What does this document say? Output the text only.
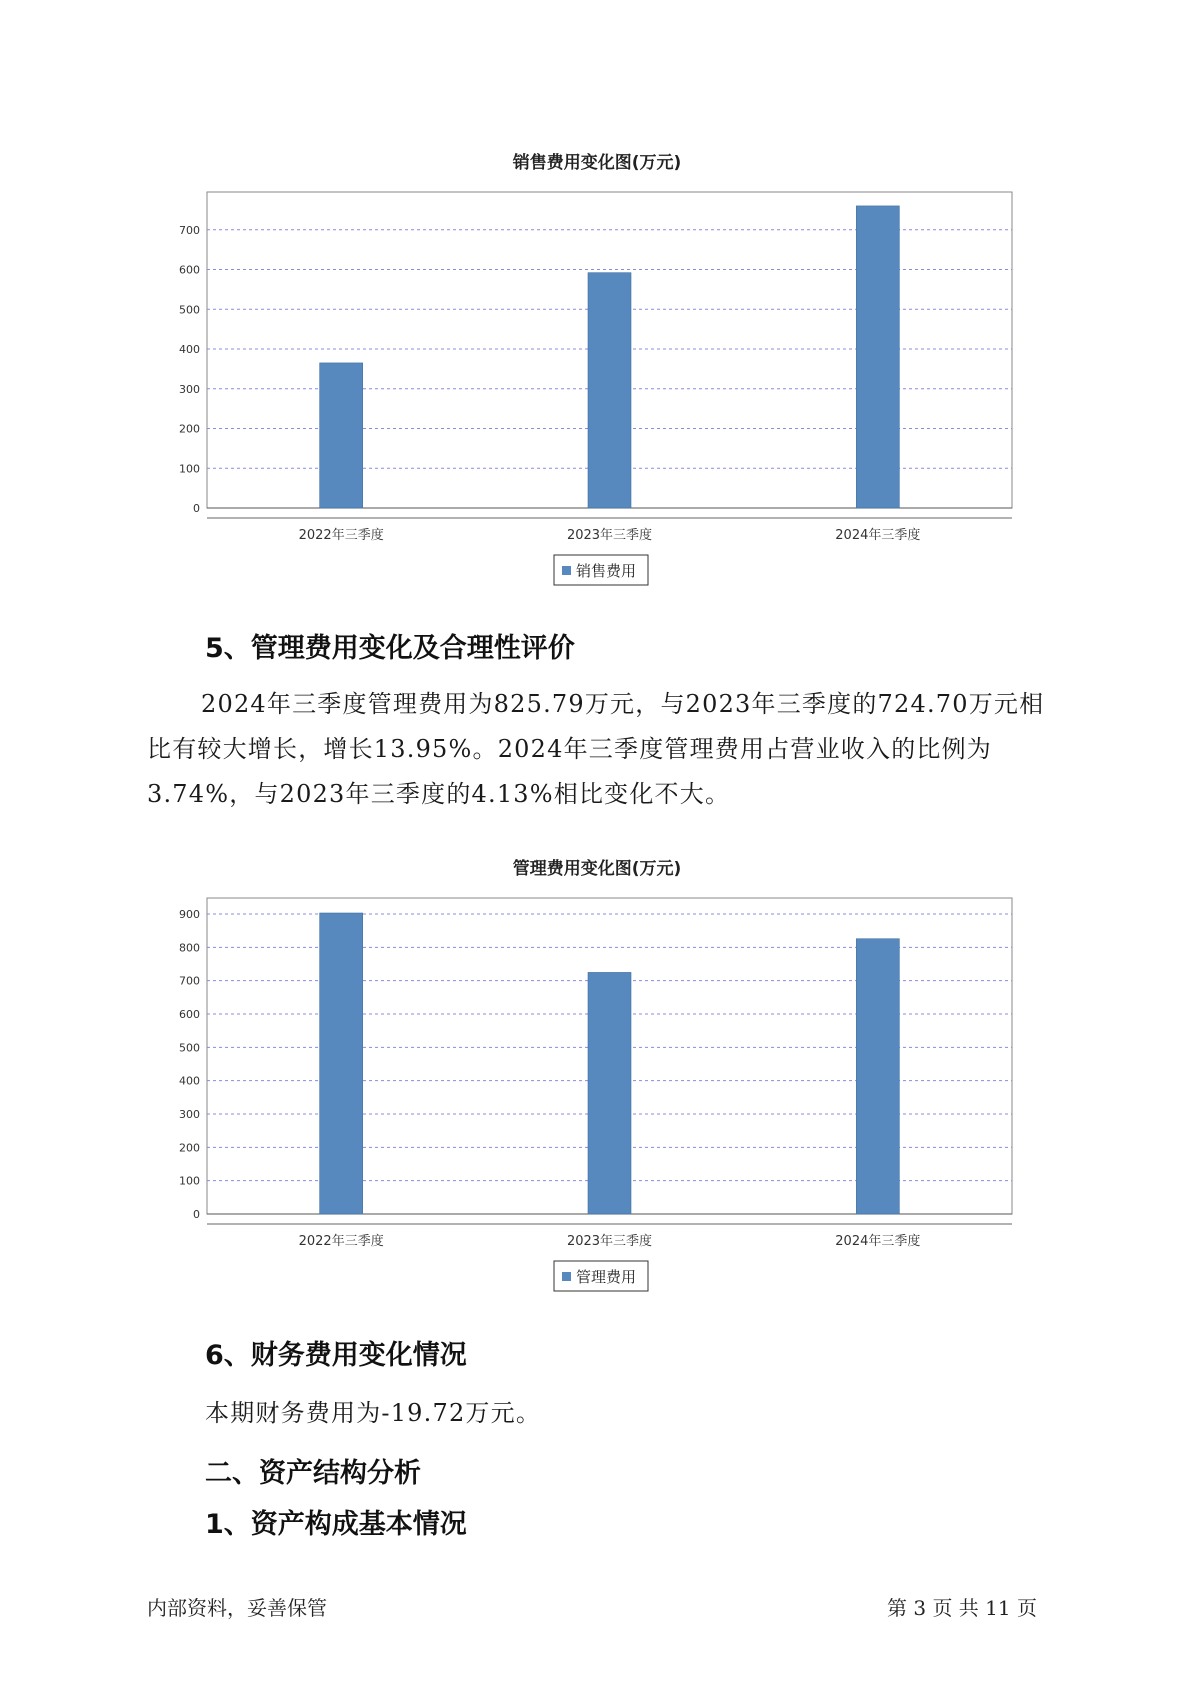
销售费用变化图(万元)
0
100
200
300
400
500
600
700
2022年三季度	2023年三季度	2024年三季度
销售费用
5、管理费用变化及合理性评价

2024年三季度管理费用为825.79万元，与2023年三季度的724.70万元相比有较大增长，增长13.95%。2024年三季度管理费用占营业收入的比例为3.74%，与2023年三季度的4.13%相比变化不大。

管理费用变化图(万元)
0
100
200
300
400
500
600
700
800
900
2022年三季度	2023年三季度	2024年三季度
管理费用
6、财务费用变化情况

本期财务费用为-19.72万元。

二、资产结构分析
1、资产构成基本情况
内部资料，妥善保管	第 3 页 共 11 页
